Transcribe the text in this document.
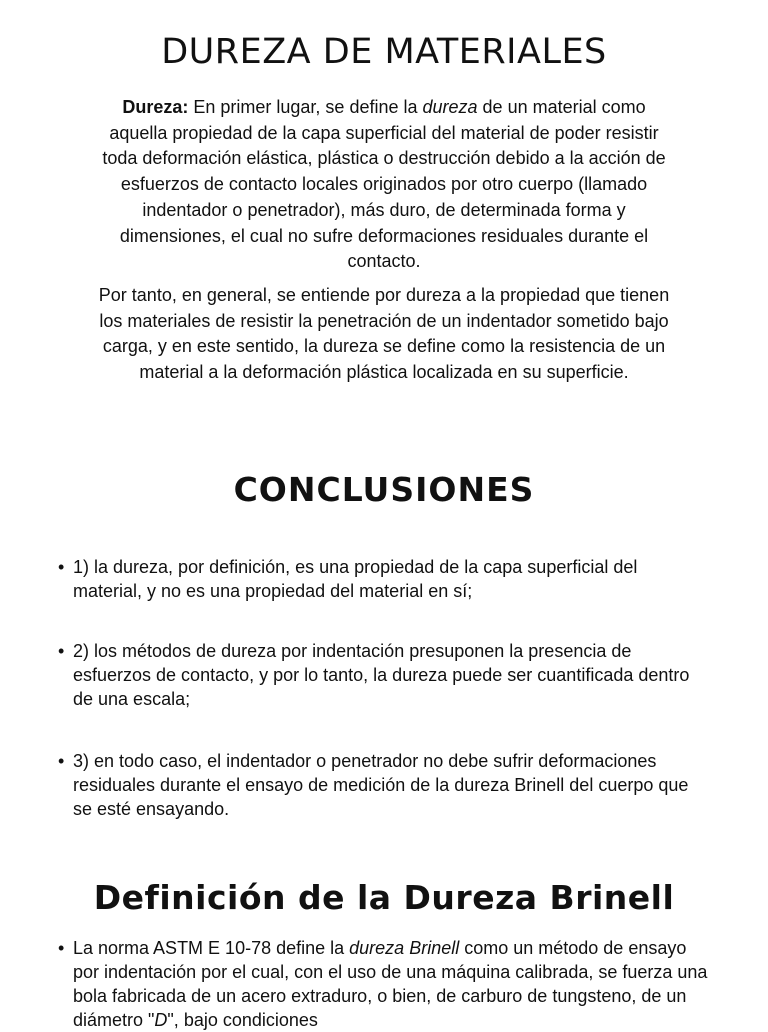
DUREZA DE MATERIALES
Dureza: En primer lugar, se define la dureza de un material como aquella propiedad de la capa superficial del material de poder resistir toda deformación elástica, plástica o destrucción debido a la acción de esfuerzos de contacto locales originados por otro cuerpo (llamado indentador o penetrador), más duro, de determinada forma y dimensiones, el cual no sufre deformaciones residuales durante el contacto.
Por tanto, en general, se entiende por dureza a la propiedad que tienen los materiales de resistir la penetración de un indentador sometido bajo carga, y en este sentido, la dureza se define como la resistencia de un material a la deformación plástica localizada en su superficie.
CONCLUSIONES
• 1) la dureza, por definición, es una propiedad de la capa superficial del material, y no es una propiedad del material en sí;
• 2) los métodos de dureza por indentación presuponen la presencia de esfuerzos de contacto, y por lo tanto, la dureza puede ser cuantificada dentro de una escala;
• 3) en todo caso, el indentador o penetrador no debe sufrir deformaciones residuales durante el ensayo de medición de la dureza Brinell del cuerpo que se esté ensayando.
Definición de la Dureza Brinell
• La norma ASTM E 10-78 define la dureza Brinell como un método de ensayo por indentación por el cual, con el uso de una máquina calibrada, se fuerza una bola fabricada de un acero extraduro, o bien, de carburo de tungsteno, de un diámetro "D", bajo condiciones
